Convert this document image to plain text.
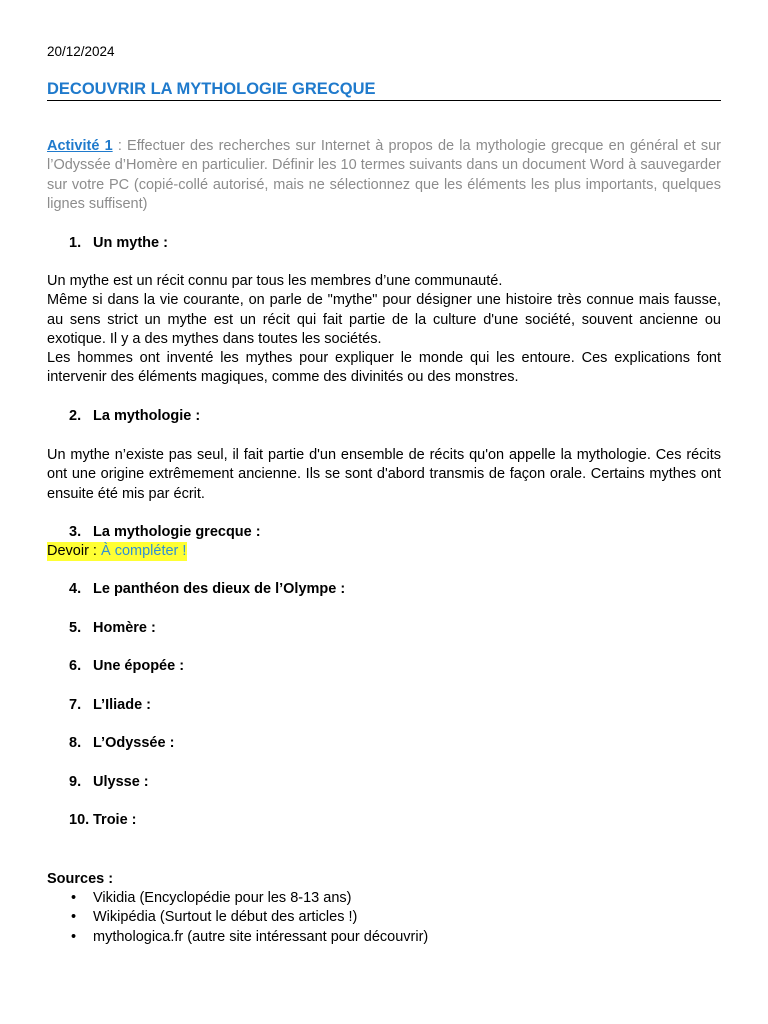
20/12/2024
DECOUVRIR LA MYTHOLOGIE GRECQUE
Activité 1 : Effectuer des recherches sur Internet à propos de la mythologie grecque en général et sur l’Odyssée d’Homère en particulier. Définir les 10 termes suivants dans un document Word à sauvegarder sur votre PC (copié-collé autorisé, mais ne sélectionnez que les éléments les plus importants, quelques lignes suffisent)
1. Un mythe :
Un mythe est un récit connu par tous les membres d’une communauté.
Même si dans la vie courante, on parle de "mythe" pour désigner une histoire très connue mais fausse, au sens strict un mythe est un récit qui fait partie de la culture d'une société, souvent ancienne ou exotique. Il y a des mythes dans toutes les sociétés.
Les hommes ont inventé les mythes pour expliquer le monde qui les entoure. Ces explications font intervenir des éléments magiques, comme des divinités ou des monstres.
2. La mythologie :
Un mythe n’existe pas seul, il fait partie d'un ensemble de récits qu'on appelle la mythologie. Ces récits ont une origine extrêmement ancienne. Ils se sont d'abord transmis de façon orale. Certains mythes ont ensuite été mis par écrit.
3. La mythologie grecque :
Devoir : À compléter !
4. Le panthéon des dieux de l’Olympe :
5. Homère :
6. Une épopée :
7. L’Iliade :
8. L’Odyssée :
9. Ulysse :
10. Troie :
Sources :
• Vikidia (Encyclopédie pour les 8-13 ans)
• Wikipédia (Surtout le début des articles !)
• mythologica.fr (autre site intéressant pour découvrir)
